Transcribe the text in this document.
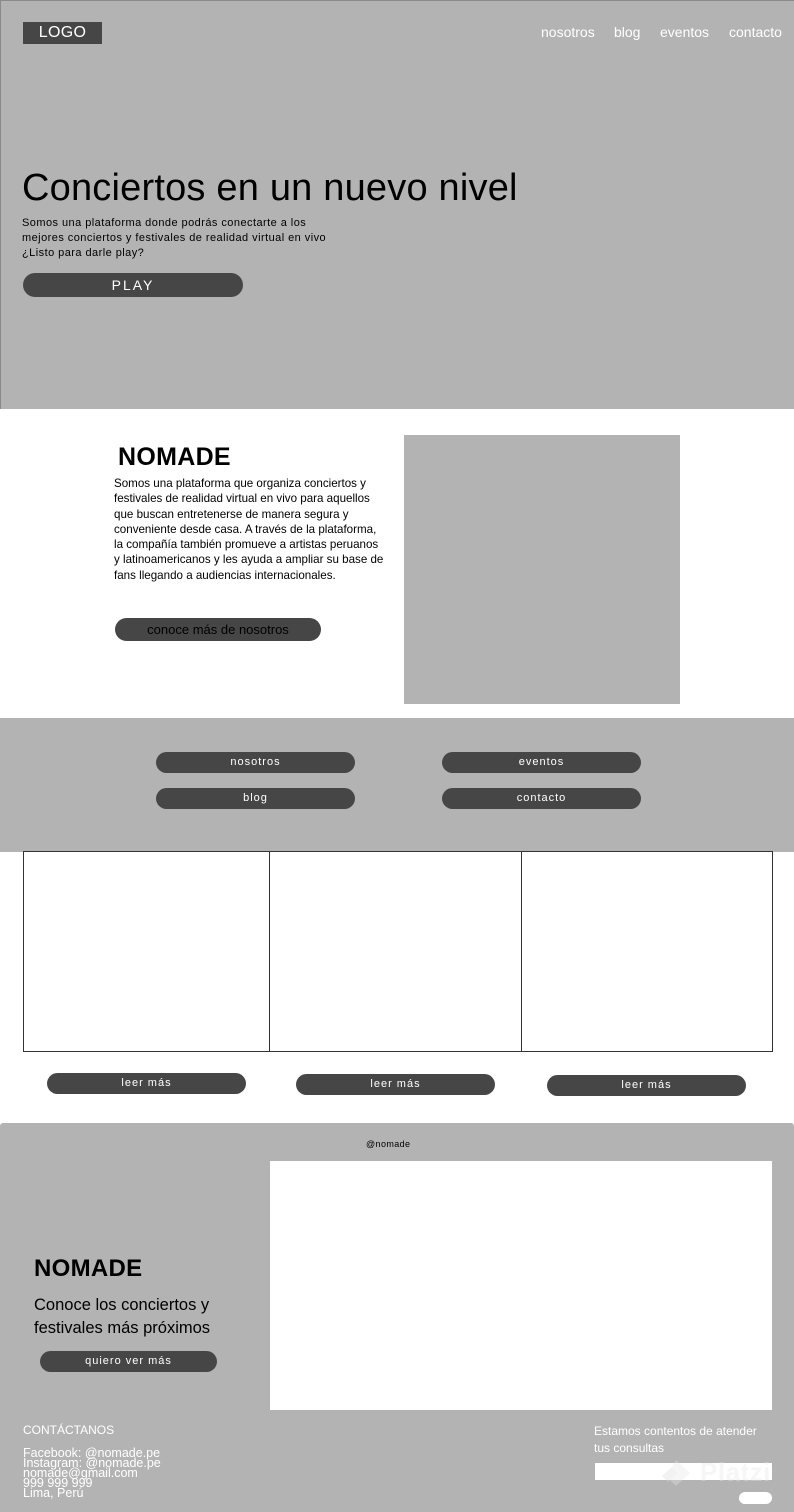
LOGO	nosotros blog eventos contacto
Conciertos en un nuevo nivel

Somos una plataforma donde podrás conectarte a los mejores conciertos y festivales de realidad virtual en vivo ¿Listo para darle play?

PLAY
NOMADE

Somos una plataforma que organiza conciertos y festivales de realidad virtual en vivo para aquellos que buscan entretenerse de manera segura y conveniente desde casa. A través de la plataforma, la compañía también promueve a artistas peruanos y latinoamericanos y les ayuda a ampliar su base de fans llegando a audiencias internacionales.

conoce más de nosotros
nosotros	eventos
blog	contacto
leer más	leer más	leer más
@nomade
NOMADE

Conoce los conciertos y festivales más próximos

quiero ver más
CONTÁCTANOS
Facebook: @nomade.pe
Instagram: @nomade.pe
nomade@gmail.com
999 999 999
Lima, Perú

Estamos contentos de atender tus consultas

Platzi
